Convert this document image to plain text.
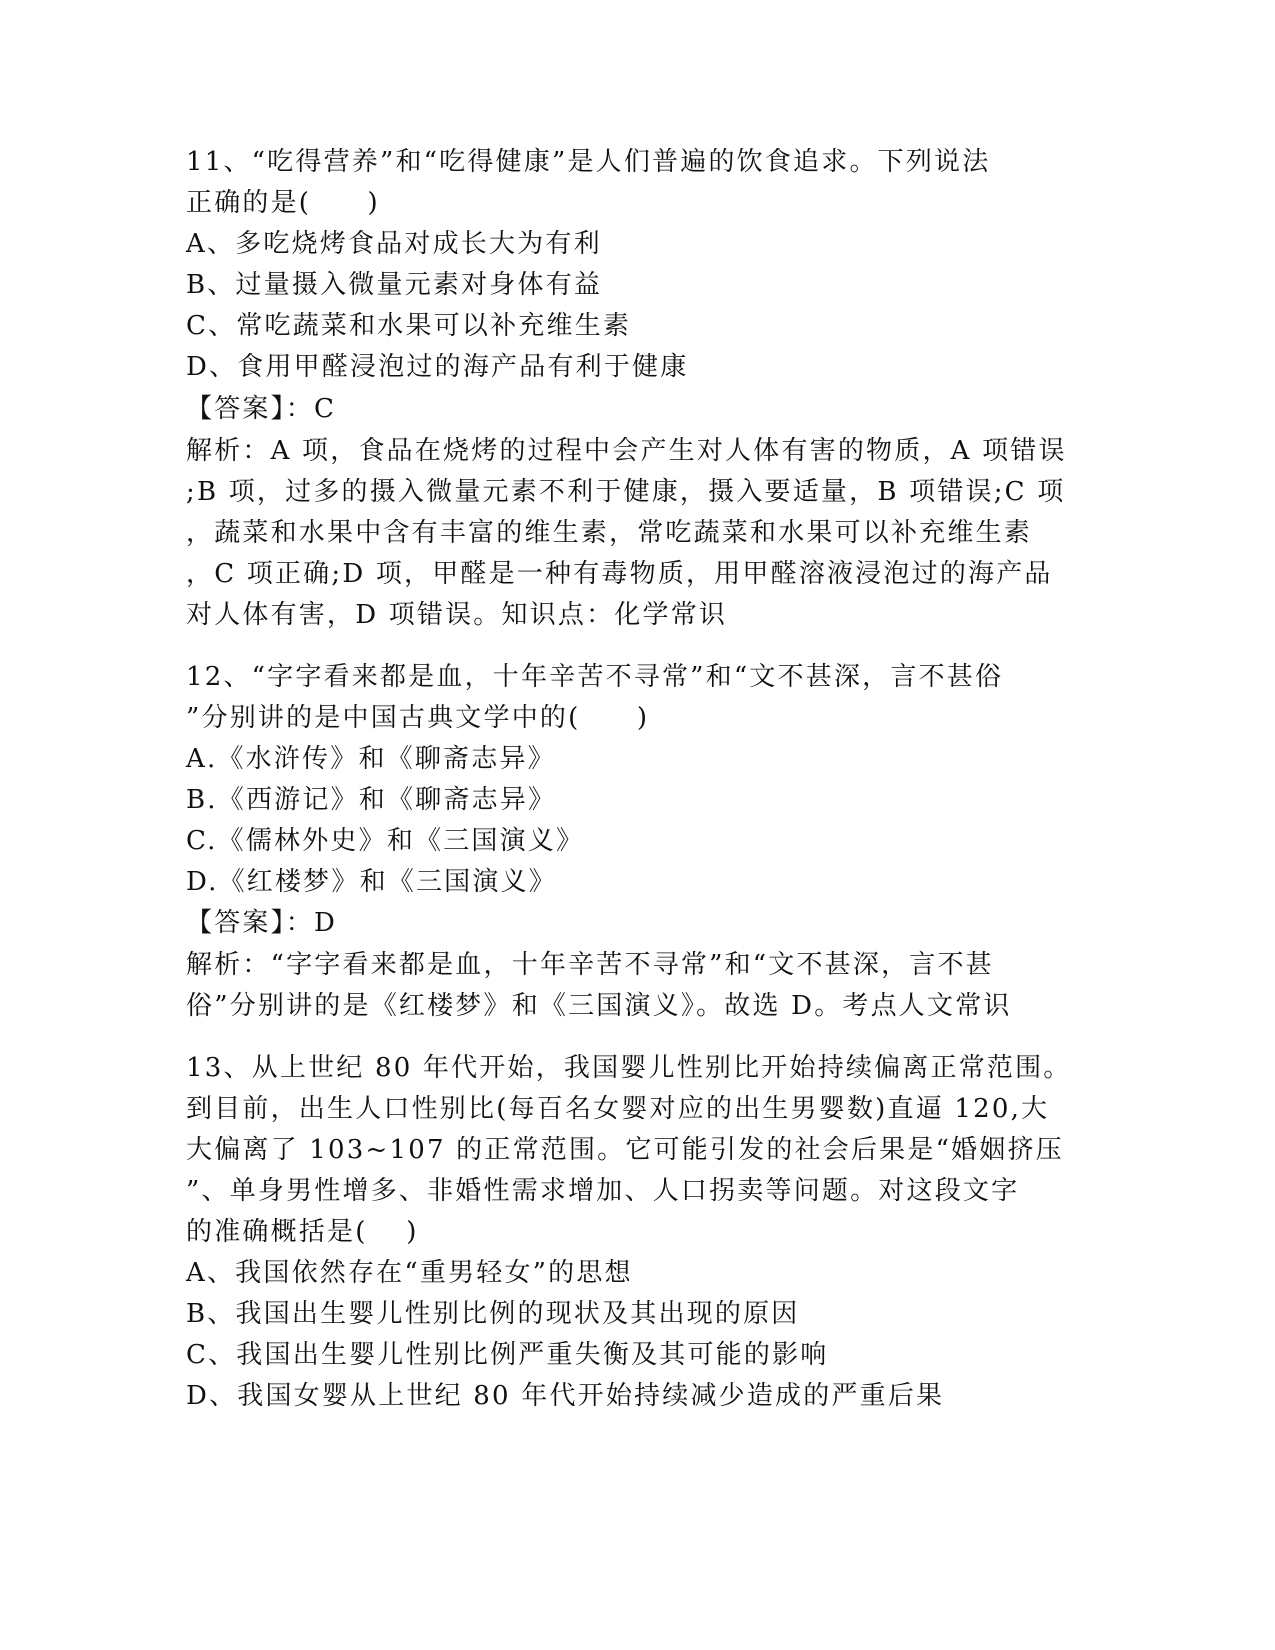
11、“吃得营养”和“吃得健康”是人们普遍的饮食追求。下列说法
正确的是(　　)
A、多吃烧烤食品对成长大为有利
B、过量摄入微量元素对身体有益
C、常吃蔬菜和水果可以补充维生素
D、食用甲醛浸泡过的海产品有利于健康
【答案】：C
解析：A 项，食品在烧烤的过程中会产生对人体有害的物质，A 项错误
;B 项，过多的摄入微量元素不利于健康，摄入要适量，B 项错误;C 项
，蔬菜和水果中含有丰富的维生素，常吃蔬菜和水果可以补充维生素
，C 项正确;D 项，甲醛是一种有毒物质，用甲醛溶液浸泡过的海产品
对人体有害，D 项错误。知识点：化学常识
12、“字字看来都是血，十年辛苦不寻常”和“文不甚深，言不甚俗
”分别讲的是中国古典文学中的(　　)
A.《水浒传》和《聊斋志异》
B.《西游记》和《聊斋志异》
C.《儒林外史》和《三国演义》
D.《红楼梦》和《三国演义》
【答案】：D
解析：“字字看来都是血，十年辛苦不寻常”和“文不甚深，言不甚
俗”分别讲的是《红楼梦》和《三国演义》。故选 D。考点人文常识
13、从上世纪 80 年代开始，我国婴儿性别比开始持续偏离正常范围。
到目前，出生人口性别比(每百名女婴对应的出生男婴数)直逼 120,大
大偏离了 103~107 的正常范围。它可能引发的社会后果是“婚姻挤压
”、单身男性增多、非婚性需求增加、人口拐卖等问题。对这段文字
的准确概括是(　 )
A、我国依然存在“重男轻女”的思想
B、我国出生婴儿性别比例的现状及其出现的原因
C、我国出生婴儿性别比例严重失衡及其可能的影响
D、我国女婴从上世纪 80 年代开始持续减少造成的严重后果
